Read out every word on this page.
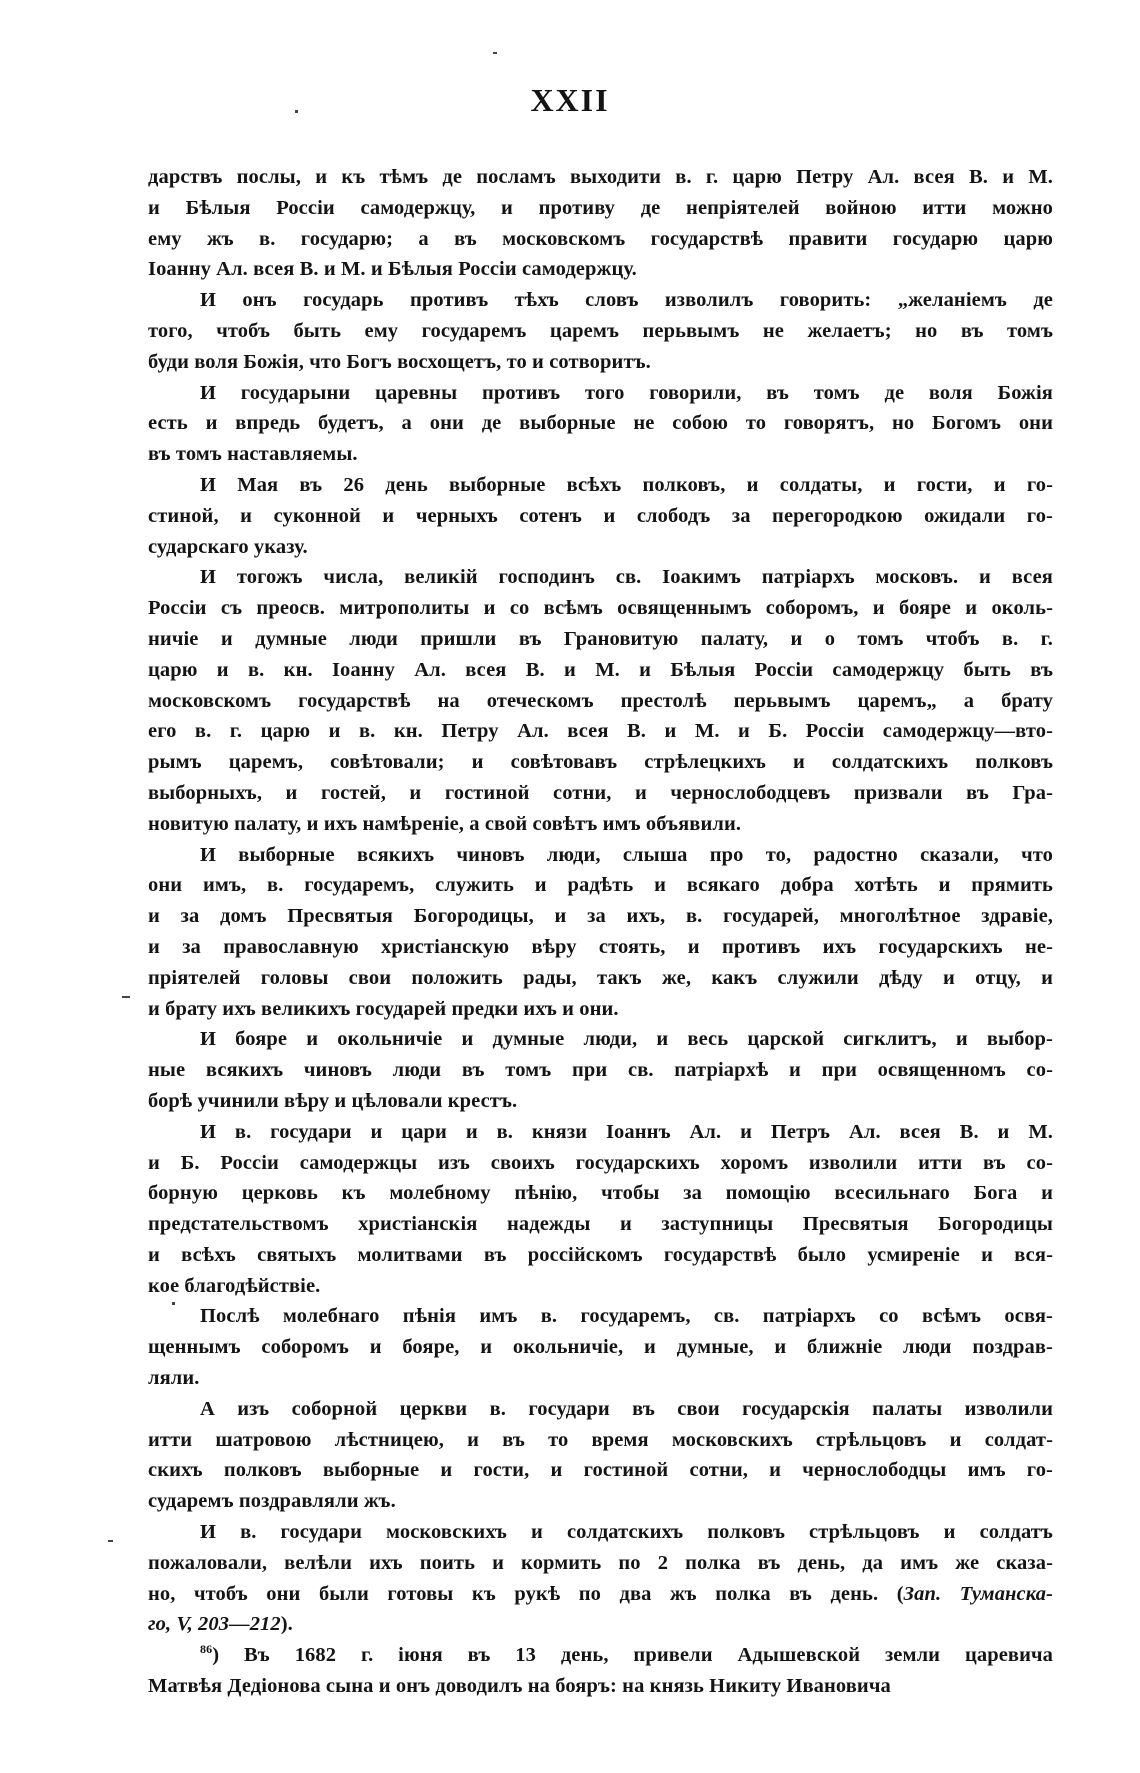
XXII
дарствъ послы, и къ тѣмъ де посламъ выходити в. г. царю Петру Ал. всея В. и М.
и Бѣлыя Россіи самодержцу, и противу де непріятелей войною итти можно
ему жъ в. государю; а въ московскомъ государствѣ правити государю царю
Іоанну Ал. всея В. и М. и Бѣлыя Россіи самодержцу.
И онъ государь противъ тѣхъ словъ изволилъ говорить: „желаніемъ де
того, чтобъ быть ему государемъ царемъ перьвымъ не желаетъ; но въ томъ
буди воля Божія, что Богъ восхощетъ, то и сотворитъ.
И государыни царевны противъ того говорили, въ томъ де воля Божія
есть и впредь будетъ, а они де выборные не собою то говорятъ, но Богомъ они
въ томъ наставляемы.
И Мая въ 26 день выборные всѣхъ полковъ, и солдаты, и гости, и го-
стиной, и суконной и черныхъ сотенъ и слободъ за перегородкою ожидали го-
сударскаго указу.
И тогожъ числа, великій господинъ св. Іоакимъ патріархъ московъ. и всея
Россіи съ преосв. митрополиты и со всѣмъ освященнымъ соборомъ, и бояре и околь-
ничіе и думные люди пришли въ Грановитую палату, и о томъ чтобъ в. г.
царю и в. кн. Іоанну Ал. всея В. и М. и Бѣлыя Россіи самодержцу быть въ
московскомъ государствѣ на отеческомъ престолѣ перьвымъ царемъ„ а брату
его в. г. царю и в. кн. Петру Ал. всея В. и М. и Б. Россіи самодержцу—вто-
рымъ царемъ, совѣтовали; и совѣтовавъ стрѣлецкихъ и солдатскихъ полковъ
выборныхъ, и гостей, и гостиной сотни, и чернослободцевъ призвали въ Гра-
новитую палату, и ихъ намѣреніе, а свой совѣтъ имъ объявили.
И выборные всякихъ чиновъ люди, слыша про то, радостно сказали, что
они имъ, в. государемъ, служить и радѣть и всякаго добра хотѣть и прямить
и за домъ Пресвятыя Богородицы, и за ихъ, в. государей, многолѣтное здравіе,
и за православную христіанскую вѣру стоять, и противъ ихъ государскихъ не-
пріятелей головы свои положить рады, такъ же, какъ служили дѣду и отцу, и
и брату ихъ великихъ государей предки ихъ и они.
И бояре и окольничіе и думные люди, и весь царской сигклитъ, и выбор-
ные всякихъ чиновъ люди въ томъ при св. патріархѣ и при освященномъ со-
борѣ учинили вѣру и цѣловали крестъ.
И в. государи и цари и в. князи Іоаннъ Ал. и Петръ Ал. всея В. и М.
и Б. Россіи самодержцы изъ своихъ государскихъ хоромъ изволили итти въ со-
борную церковь къ молебному пѣнію, чтобы за помощію всесильнаго Бога и
предстательствомъ христіанскія надежды и заступницы Пресвятыя Богородицы
и всѣхъ святыхъ молитвами въ россійскомъ государствѣ было усмиреніе и вся-
кое благодѣйствіе.
Послѣ молебнаго пѣнія имъ в. государемъ, св. патріархъ со всѣмъ освя-
щеннымъ соборомъ и бояре, и окольничіе, и думные, и ближніе люди поздрав-
ляли.
А изъ соборной церкви в. государи въ свои государскія палаты изволили
итти шатровою лѣстницею, и въ то время московскихъ стрѣльцовъ и солдат-
скихъ полковъ выборные и гости, и гостиной сотни, и чернослободцы имъ го-
сударемъ поздравляли жъ.
И в. государи московскихъ и солдатскихъ полковъ стрѣльцовъ и солдатъ
пожаловали, велѣли ихъ поить и кормить по 2 полка въ день, да имъ же сказа-
но, чтобъ они были готовы къ рукѣ по два жъ полка въ день. (Зап. Туманска-
го, V, 203—212).
$^{86}$) Въ 1682 г. іюня въ 13 день, привели Адышевской земли царевича
Матвѣя Дедіонова сына и онъ доводилъ на бояръ: на князь Никиту Ивановича
